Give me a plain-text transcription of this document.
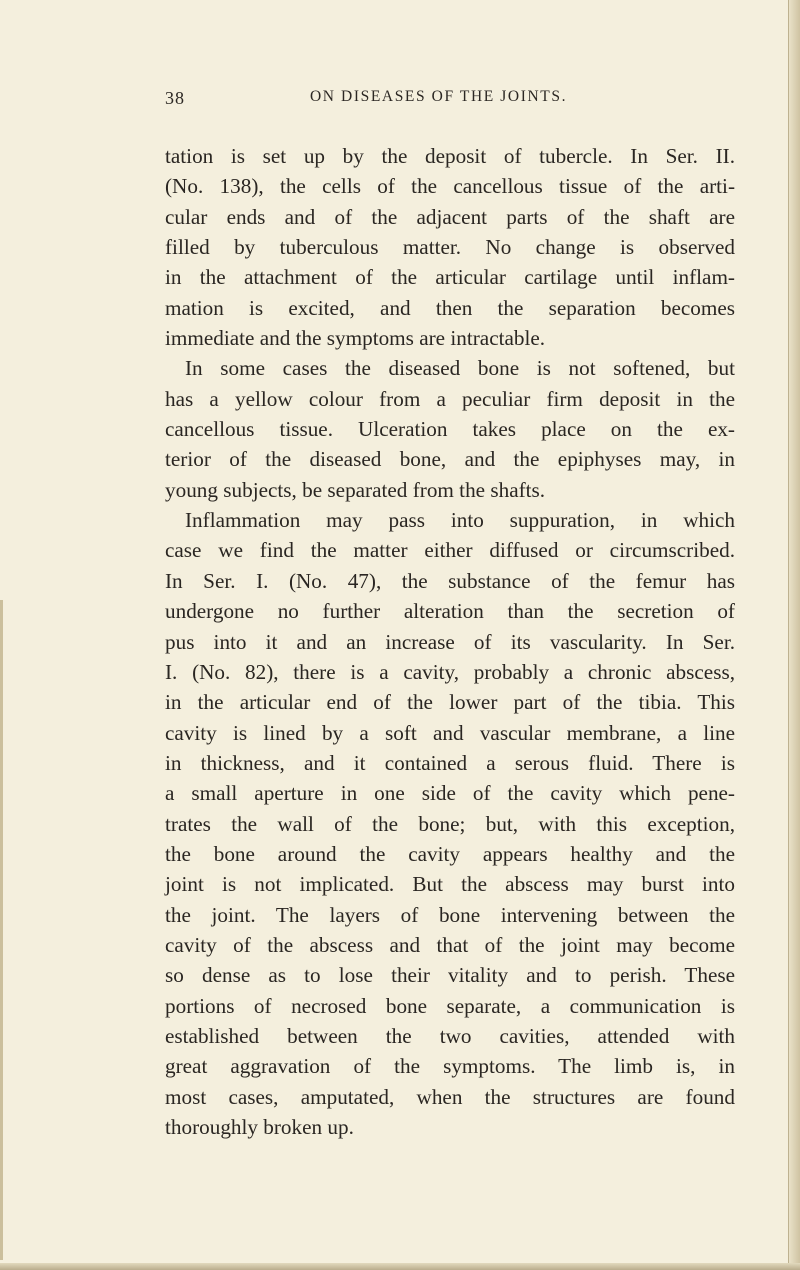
38	ON DISEASES OF THE JOINTS.
tation is set up by the deposit of tubercle. In Ser. II.
(No. 138), the cells of the cancellous tissue of the arti-
cular ends and of the adjacent parts of the shaft are
filled by tuberculous matter. No change is observed
in the attachment of the articular cartilage until inflam-
mation is excited, and then the separation becomes
immediate and the symptoms are intractable.
In some cases the diseased bone is not softened, but
has a yellow colour from a peculiar firm deposit in the
cancellous tissue. Ulceration takes place on the ex-
terior of the diseased bone, and the epiphyses may, in
young subjects, be separated from the shafts.
Inflammation may pass into suppuration, in which
case we find the matter either diffused or circumscribed.
In Ser. I. (No. 47), the substance of the femur has
undergone no further alteration than the secretion of
pus into it and an increase of its vascularity. In Ser.
I. (No. 82), there is a cavity, probably a chronic abscess,
in the articular end of the lower part of the tibia. This
cavity is lined by a soft and vascular membrane, a line
in thickness, and it contained a serous fluid. There is
a small aperture in one side of the cavity which pene-
trates the wall of the bone; but, with this exception,
the bone around the cavity appears healthy and the
joint is not implicated. But the abscess may burst into
the joint. The layers of bone intervening between the
cavity of the abscess and that of the joint may become
so dense as to lose their vitality and to perish. These
portions of necrosed bone separate, a communication is
established between the two cavities, attended with
great aggravation of the symptoms. The limb is, in
most cases, amputated, when the structures are found
thoroughly broken up.
